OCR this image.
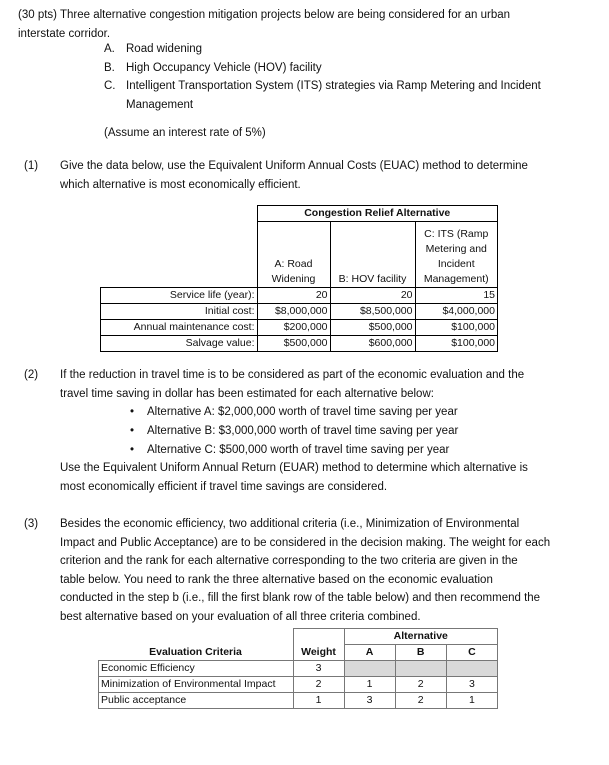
(30 pts) Three alternative congestion mitigation projects below are being considered for an urban
interstate corridor.
A. Road widening
B. High Occupancy Vehicle (HOV) facility
C. Intelligent Transportation System (ITS) strategies via Ramp Metering and Incident
Management
(Assume an interest rate of 5%)
(1) Give the data below, use the Equivalent Uniform Annual Costs (EUAC) method to determine
which alternative is most economically efficient.
	Congestion Relief Alternative		
	A: Road Widening	B: HOV facility	C: ITS (Ramp Metering and Incident Management)
Service life (year):	20	20	15
Initial cost:	$8,000,000	$8,500,000	$4,000,000
Annual maintenance cost:	$200,000	$500,000	$100,000
Salvage value:	$500,000	$600,000	$100,000
(2) If the reduction in travel time is to be considered as part of the economic evaluation and the
travel time saving in dollar has been estimated for each alternative below:
• Alternative A: $2,000,000 worth of travel time saving per year
• Alternative B: $3,000,000 worth of travel time saving per year
• Alternative C: $500,000 worth of travel time saving per year
Use the Equivalent Uniform Annual Return (EUAR) method to determine which alternative is
most economically efficient if travel time savings are considered.
(3) Besides the economic efficiency, two additional criteria (i.e., Minimization of Environmental
Impact and Public Acceptance) are to be considered in the decision making. The weight for each
criterion and the rank for each alternative corresponding to the two criteria are given in the
table below. You need to rank the three alternative based on the economic evaluation
conducted in the step b (i.e., fill the first blank row of the table below) and then recommend the
best alternative based on your evaluation of all three criteria combined.
Evaluation Criteria	Weight	Alternative		
		A	B	C
Economic Efficiency	3			
Minimization of Environmental Impact	2	1	2	3
Public acceptance	1	3	2	1
